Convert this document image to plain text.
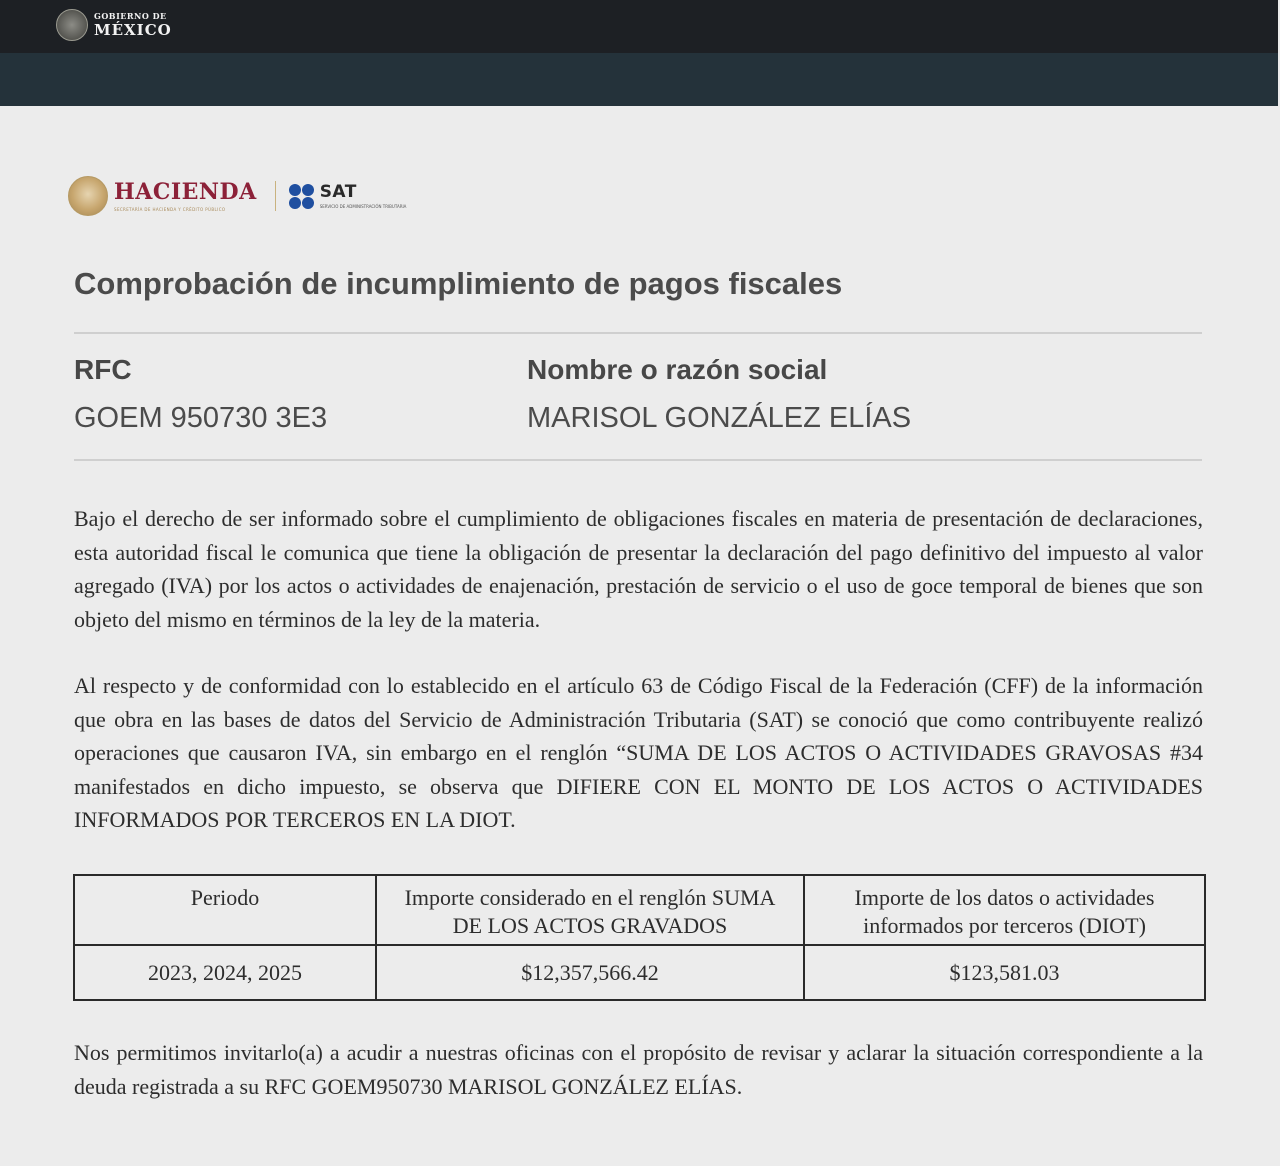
GOBIERNO DE
MÉXICO
HACIENDA
SECRETARÍA DE HACIENDA Y CRÉDITO PÚBLICO
SAT
SERVICIO DE ADMINISTRACIÓN TRIBUTARIA
Comprobación de incumplimiento de pagos fiscales
RFC	Nombre o razón social
GOEM 950730 3E3	MARISOL GONZÁLEZ ELÍAS

Bajo el derecho de ser informado sobre el cumplimiento de obligaciones fiscales en materia de presentación de declaraciones, esta autoridad fiscal le comunica que tiene la obligación de presentar la declaración del pago definitivo del impuesto al valor agregado (IVA) por los actos o actividades de enajenación, prestación de servicio o el uso de goce temporal de bienes que son objeto del mismo en términos de la ley de la materia.

Al respecto y de conformidad con lo establecido en el artículo 63 de Código Fiscal de la Federación (CFF) de la información que obra en las bases de datos del Servicio de Administración Tributaria (SAT) se conoció que como contribuyente realizó operaciones que causaron IVA, sin embargo en el renglón “SUMA DE LOS ACTOS O ACTIVIDADES GRAVOSAS #34 manifestados en dicho impuesto, se observa que DIFIERE CON EL MONTO DE LOS ACTOS O ACTIVIDADES INFORMADOS POR TERCEROS EN LA DIOT.

Periodo	Importe considerado en el renglón SUMA DE LOS ACTOS GRAVADOS	Importe de los datos o actividades informados por terceros (DIOT)
2023, 2024, 2025	$12,357,566.42	$123,581.03

Nos permitimos invitarlo(a) a acudir a nuestras oficinas con el propósito de revisar y aclarar la situación correspondiente a la deuda registrada a su RFC GOEM950730 MARISOL GONZÁLEZ ELÍAS.
